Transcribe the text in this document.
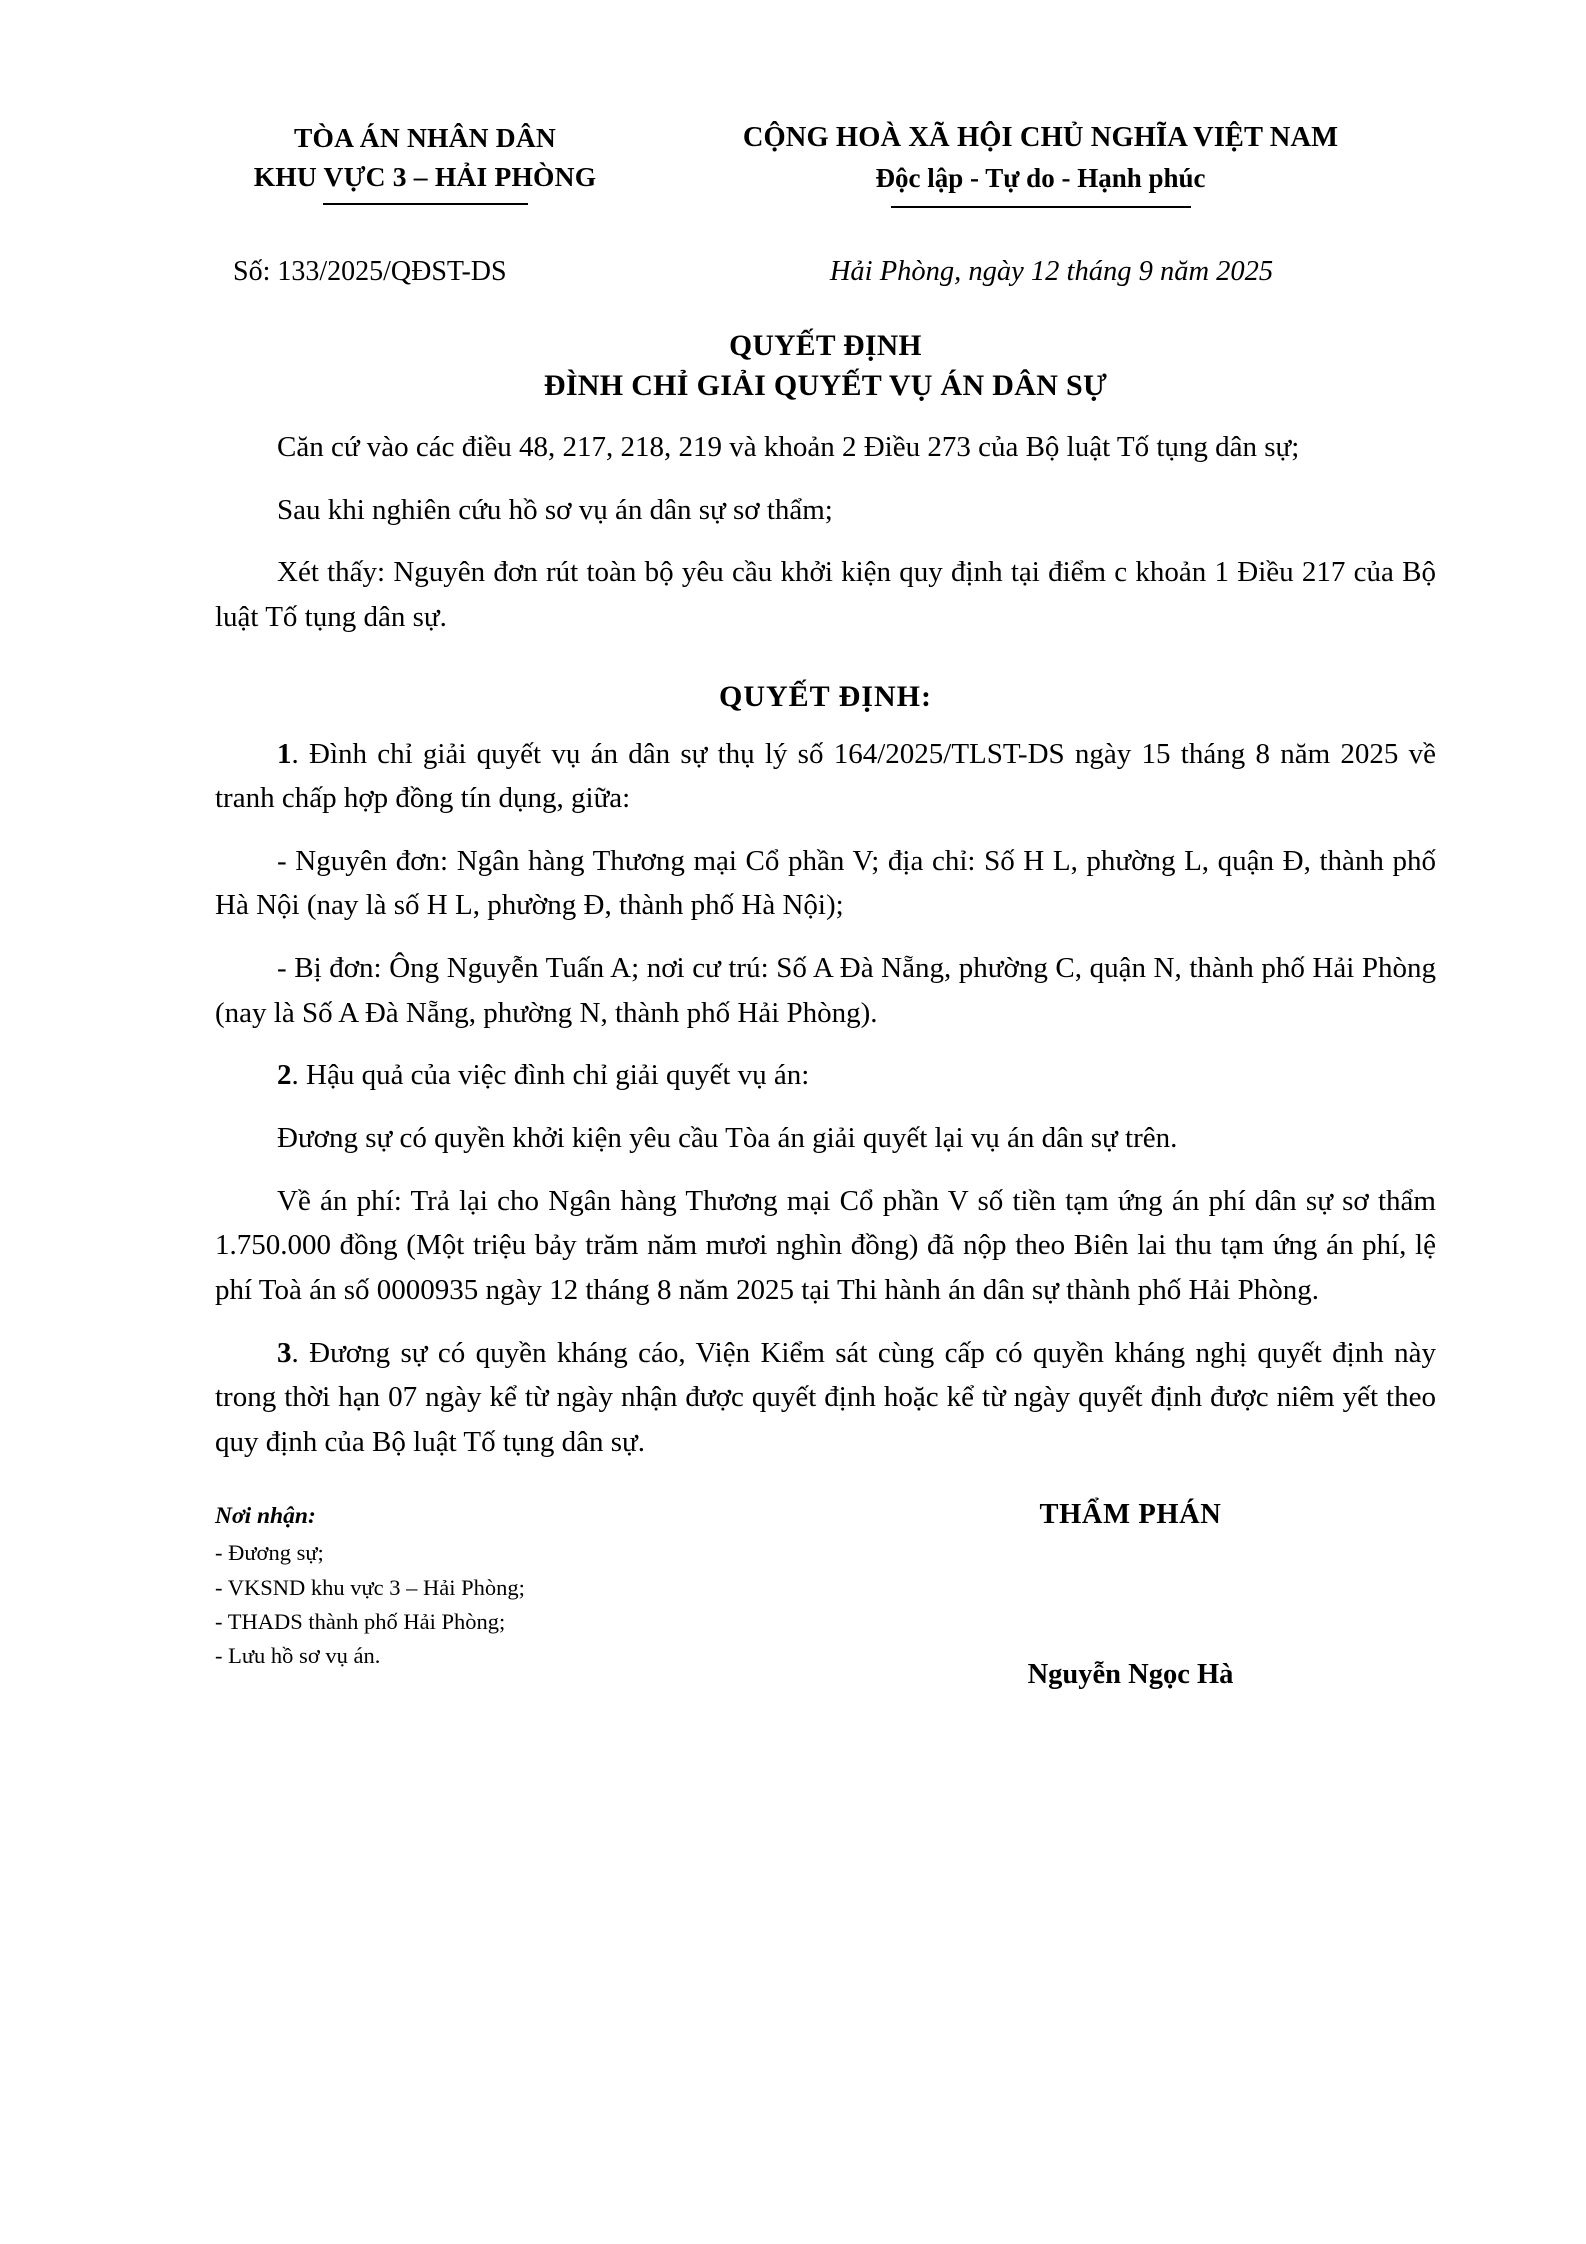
TÒA ÁN NHÂN DÂN
KHU VỰC 3 – HẢI PHÒNG
CỘNG HOÀ XÃ HỘI CHỦ NGHĨA VIỆT NAM
Độc lập - Tự do - Hạnh phúc
Số: 133/2025/QĐST-DS	Hải Phòng, ngày 12 tháng 9 năm 2025
QUYẾT ĐỊNH
ĐÌNH CHỈ GIẢI QUYẾT VỤ ÁN DÂN SỰ

Căn cứ vào các điều 48, 217, 218, 219 và khoản 2 Điều 273 của Bộ luật Tố tụng dân sự;

Sau khi nghiên cứu hồ sơ vụ án dân sự sơ thẩm;

Xét thấy: Nguyên đơn rút toàn bộ yêu cầu khởi kiện quy định tại điểm c khoản 1 Điều 217 của Bộ luật Tố tụng dân sự.

QUYẾT ĐỊNH:

1. Đình chỉ giải quyết vụ án dân sự thụ lý số 164/2025/TLST-DS ngày 15 tháng 8 năm 2025 về tranh chấp hợp đồng tín dụng, giữa:

- Nguyên đơn: Ngân hàng Thương mại Cổ phần V; địa chỉ: Số H L, phường L, quận Đ, thành phố Hà Nội (nay là số H L, phường Đ, thành phố Hà Nội);

- Bị đơn: Ông Nguyễn Tuấn A; nơi cư trú: Số A Đà Nẵng, phường C, quận N, thành phố Hải Phòng (nay là Số A Đà Nẵng, phường N, thành phố Hải Phòng).

2. Hậu quả của việc đình chỉ giải quyết vụ án:

Đương sự có quyền khởi kiện yêu cầu Tòa án giải quyết lại vụ án dân sự trên.

Về án phí: Trả lại cho Ngân hàng Thương mại Cổ phần V số tiền tạm ứng án phí dân sự sơ thẩm 1.750.000 đồng (Một triệu bảy trăm năm mươi nghìn đồng) đã nộp theo Biên lai thu tạm ứng án phí, lệ phí Toà án số 0000935 ngày 12 tháng 8 năm 2025 tại Thi hành án dân sự thành phố Hải Phòng.

3. Đương sự có quyền kháng cáo, Viện Kiểm sát cùng cấp có quyền kháng nghị quyết định này trong thời hạn 07 ngày kể từ ngày nhận được quyết định hoặc kể từ ngày quyết định được niêm yết theo quy định của Bộ luật Tố tụng dân sự.

Nơi nhận:
- Đương sự;
- VKSND khu vực 3 – Hải Phòng;
- THADS thành phố Hải Phòng;
- Lưu hồ sơ vụ án.
THẨM PHÁN
Nguyễn Ngọc Hà
